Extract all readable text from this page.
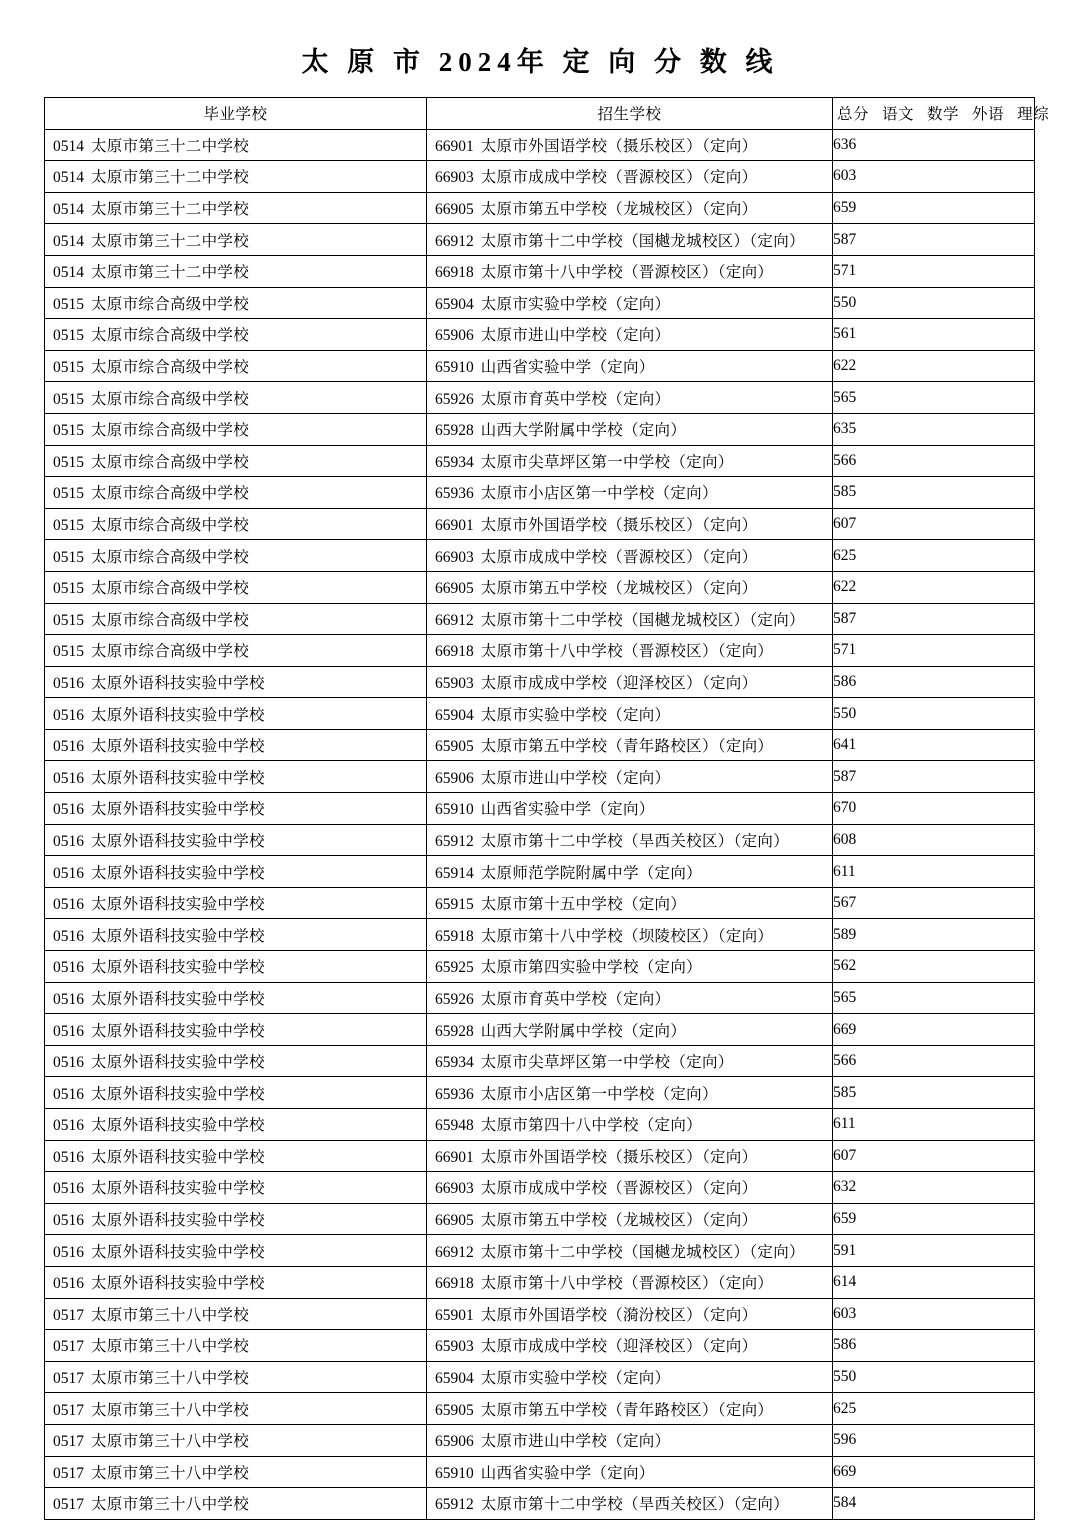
太 原 市 2024年 定 向 分 数 线
毕业学校	招生学校	总分 语文 数学 外语 理综

0514 太原市第三十二中学校	66901 太原市外国语学校（摄乐校区）（定向）	636
0514 太原市第三十二中学校	66903 太原市成成中学校（晋源校区）（定向）	603
0514 太原市第三十二中学校	66905 太原市第五中学校（龙城校区）（定向）	659
0514 太原市第三十二中学校	66912 太原市第十二中学校（国樾龙城校区）（定向）	587
0514 太原市第三十二中学校	66918 太原市第十八中学校（晋源校区）（定向）	571
0515 太原市综合高级中学校	65904 太原市实验中学校（定向）	550
0515 太原市综合高级中学校	65906 太原市进山中学校（定向）	561
0515 太原市综合高级中学校	65910 山西省实验中学（定向）	622
0515 太原市综合高级中学校	65926 太原市育英中学校（定向）	565
0515 太原市综合高级中学校	65928 山西大学附属中学校（定向）	635
0515 太原市综合高级中学校	65934 太原市尖草坪区第一中学校（定向）	566
0515 太原市综合高级中学校	65936 太原市小店区第一中学校（定向）	585
0515 太原市综合高级中学校	66901 太原市外国语学校（摄乐校区）（定向）	607
0515 太原市综合高级中学校	66903 太原市成成中学校（晋源校区）（定向）	625
0515 太原市综合高级中学校	66905 太原市第五中学校（龙城校区）（定向）	622
0515 太原市综合高级中学校	66912 太原市第十二中学校（国樾龙城校区）（定向）	587
0515 太原市综合高级中学校	66918 太原市第十八中学校（晋源校区）（定向）	571
0516 太原外语科技实验中学校	65903 太原市成成中学校（迎泽校区）（定向）	586
0516 太原外语科技实验中学校	65904 太原市实验中学校（定向）	550
0516 太原外语科技实验中学校	65905 太原市第五中学校（青年路校区）（定向）	641
0516 太原外语科技实验中学校	65906 太原市进山中学校（定向）	587
0516 太原外语科技实验中学校	65910 山西省实验中学（定向）	670
0516 太原外语科技实验中学校	65912 太原市第十二中学校（旱西关校区）（定向）	608
0516 太原外语科技实验中学校	65914 太原师范学院附属中学（定向）	611
0516 太原外语科技实验中学校	65915 太原市第十五中学校（定向）	567
0516 太原外语科技实验中学校	65918 太原市第十八中学校（坝陵校区）（定向）	589
0516 太原外语科技实验中学校	65925 太原市第四实验中学校（定向）	562
0516 太原外语科技实验中学校	65926 太原市育英中学校（定向）	565
0516 太原外语科技实验中学校	65928 山西大学附属中学校（定向）	669
0516 太原外语科技实验中学校	65934 太原市尖草坪区第一中学校（定向）	566
0516 太原外语科技实验中学校	65936 太原市小店区第一中学校（定向）	585
0516 太原外语科技实验中学校	65948 太原市第四十八中学校（定向）	611
0516 太原外语科技实验中学校	66901 太原市外国语学校（摄乐校区）（定向）	607
0516 太原外语科技实验中学校	66903 太原市成成中学校（晋源校区）（定向）	632
0516 太原外语科技实验中学校	66905 太原市第五中学校（龙城校区）（定向）	659
0516 太原外语科技实验中学校	66912 太原市第十二中学校（国樾龙城校区）（定向）	591
0516 太原外语科技实验中学校	66918 太原市第十八中学校（晋源校区）（定向）	614
0517 太原市第三十八中学校	65901 太原市外国语学校（漪汾校区）（定向）	603
0517 太原市第三十八中学校	65903 太原市成成中学校（迎泽校区）（定向）	586
0517 太原市第三十八中学校	65904 太原市实验中学校（定向）	550
0517 太原市第三十八中学校	65905 太原市第五中学校（青年路校区）（定向）	625
0517 太原市第三十八中学校	65906 太原市进山中学校（定向）	596
0517 太原市第三十八中学校	65910 山西省实验中学（定向）	669
0517 太原市第三十八中学校	65912 太原市第十二中学校（旱西关校区）（定向）	584
